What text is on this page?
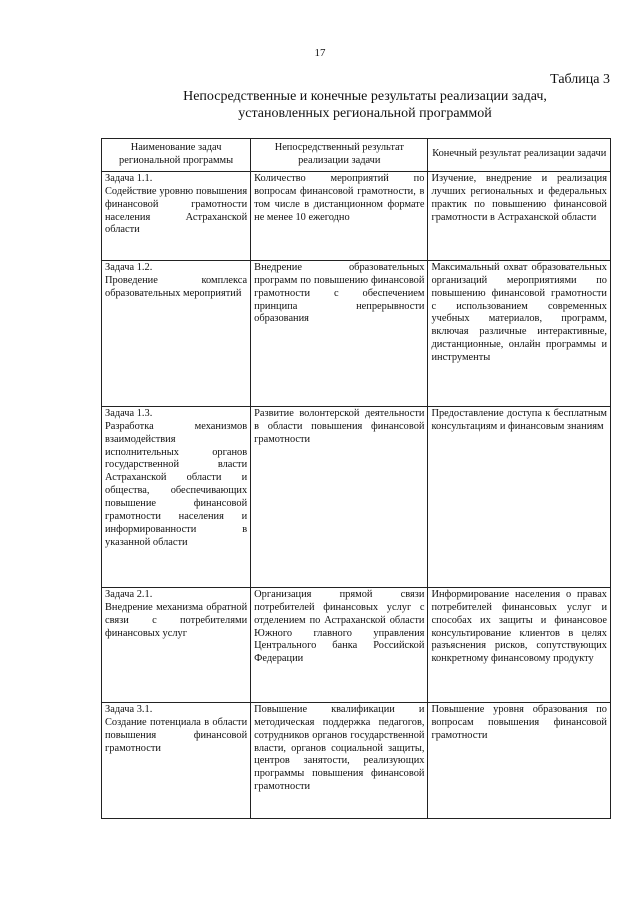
17
Таблица 3
Непосредственные и конечные результаты реализации задач, установленных региональной программой
Наименование задач региональной программы	Непосредственный результат реализации задачи	Конечный результат реализации задачи

Задача 1.1.
Содействие уровню повышения финансовой грамотности населения Астраханской области	Количество мероприятий по вопросам финансовой грамотности, в том числе в дистанционном формате не менее 10 ежегодно	Изучение, внедрение и реализация лучших региональных и федеральных практик по повышению финансовой грамотности в Астраханской области

Задача 1.2.
Проведение комплекса образовательных мероприятий	Внедрение образовательных программ по повышению финансовой грамотности с обеспечением принципа непрерывности образования	Максимальный охват образовательных организаций мероприятиями по повышению финансовой грамотности с использованием современных учебных материалов, программ, включая различные интерактивные, дистанционные, онлайн программы и инструменты

Задача 1.3.
Разработка механизмов взаимодействия исполнительных органов государственной власти Астраханской области и общества, обеспечивающих повышение финансовой грамотности населения и информированности в указанной области	Развитие волонтерской деятельности в области повышения финансовой грамотности	Предоставление доступа к бесплатным консультациям и финансовым знаниям

Задача 2.1.
Внедрение механизма обратной связи с потребителями финансовых услуг	Организация прямой связи потребителей финансовых услуг с отделением по Астраханской области Южного главного управления Центрального банка Российской Федерации	Информирование населения о правах потребителей финансовых услуг и способах их защиты и финансовое консультирование клиентов в целях разъяснения рисков, сопутствующих конкретному финансовому продукту

Задача 3.1.
Создание потенциала в области повышения финансовой грамотности	Повышение квалификации и методическая поддержка педагогов, сотрудников органов государственной власти, органов социальной защиты, центров занятости, реализующих программы повышения финансовой грамотности	Повышение уровня образования по вопросам повышения финансовой грамотности
